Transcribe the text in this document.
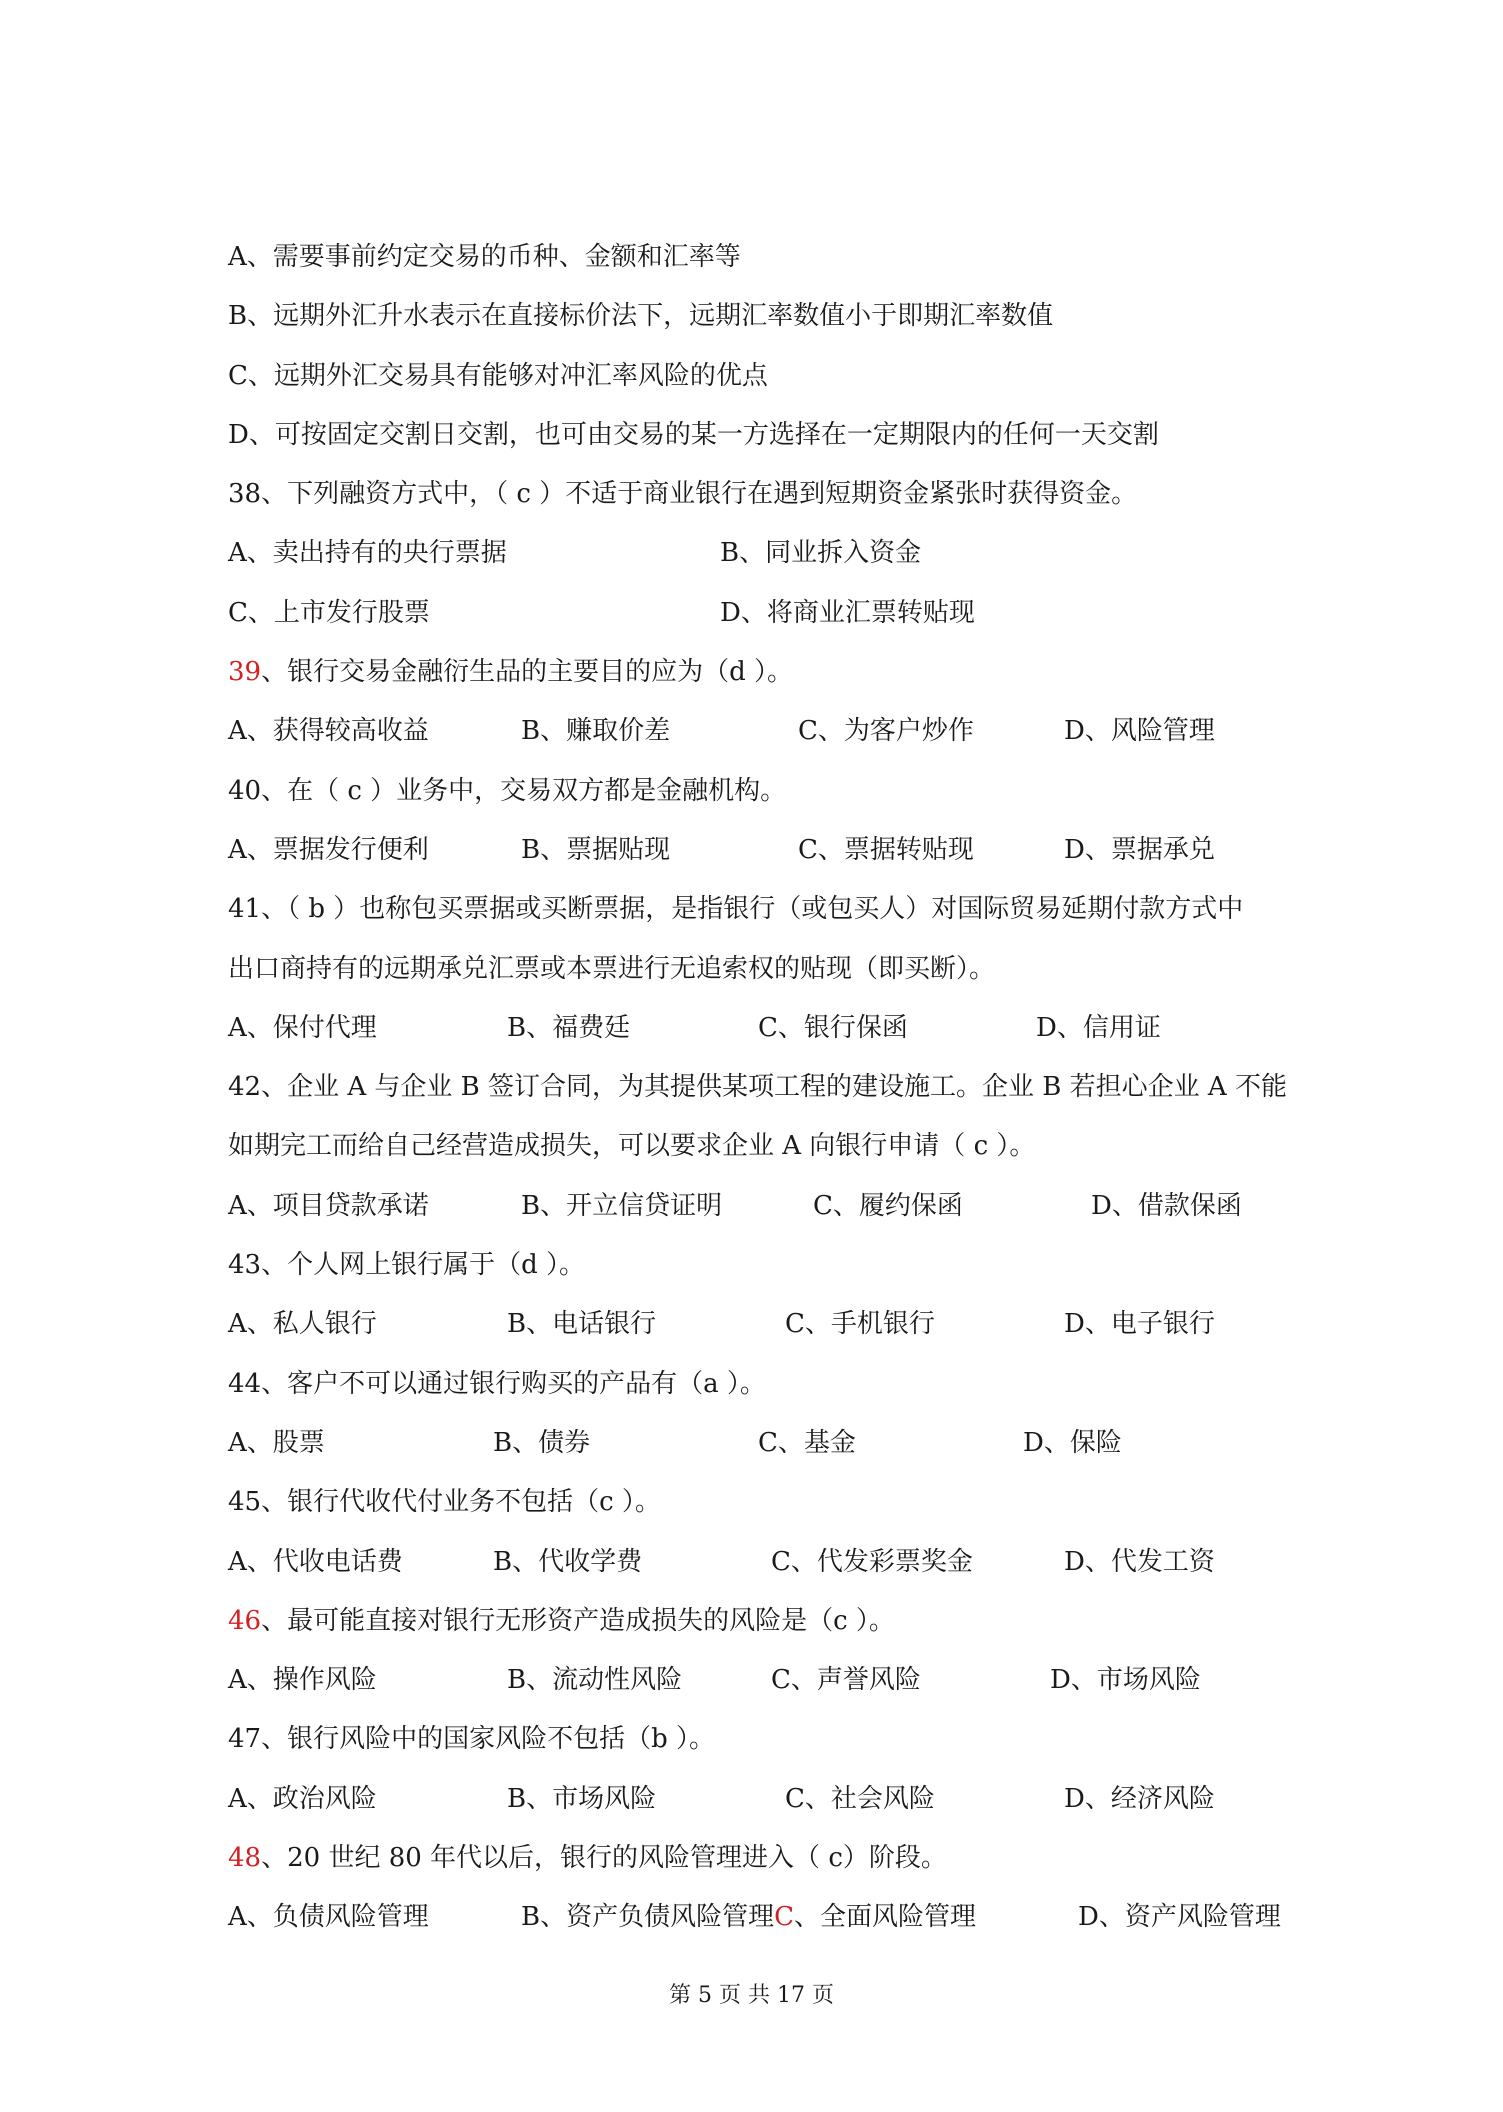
A、需要事前约定交易的币种、金额和汇率等
B、远期外汇升水表示在直接标价法下，远期汇率数值小于即期汇率数值
C、远期外汇交易具有能够对冲汇率风险的优点
D、可按固定交割日交割，也可由交易的某一方选择在一定期限内的任何一天交割
38、下列融资方式中，（ c ）不适于商业银行在遇到短期资金紧张时获得资金。
A、卖出持有的央行票据	B、同业拆入资金
C、上市发行股票	D、将商业汇票转贴现
39、银行交易金融衍生品的主要目的应为（d ）。
A、获得较高收益	B、赚取价差	C、为客户炒作	D、风险管理
40、在（ c ）业务中，交易双方都是金融机构。
A、票据发行便利	B、票据贴现	C、票据转贴现	D、票据承兑
41、（ b ）也称包买票据或买断票据，是指银行（或包买人）对国际贸易延期付款方式中
出口商持有的远期承兑汇票或本票进行无追索权的贴现（即买断）。
A、保付代理	B、福费廷	C、银行保函	D、信用证
42、企业 A 与企业 B 签订合同，为其提供某项工程的建设施工。企业 B 若担心企业 A 不能
如期完工而给自己经营造成损失，可以要求企业 A 向银行申请（ c ）。
A、项目贷款承诺	B、开立信贷证明	C、履约保函	D、借款保函
43、个人网上银行属于（d ）。
A、私人银行	B、电话银行	C、手机银行	D、电子银行
44、客户不可以通过银行购买的产品有（a ）。
A、股票	B、债券	C、基金	D、保险
45、银行代收代付业务不包括（c ）。
A、代收电话费	B、代收学费	C、代发彩票奖金	D、代发工资
46、最可能直接对银行无形资产造成损失的风险是（c ）。
A、操作风险	B、流动性风险	C、声誉风险	D、市场风险
47、银行风险中的国家风险不包括（b ）。
A、政治风险	B、市场风险	C、社会风险	D、经济风险
48、20 世纪 80 年代以后，银行的风险管理进入（ c）阶段。
A、负债风险管理	B、资产负债风险管理C、全面风险管理	D、资产风险管理
第 5 页 共 17 页
